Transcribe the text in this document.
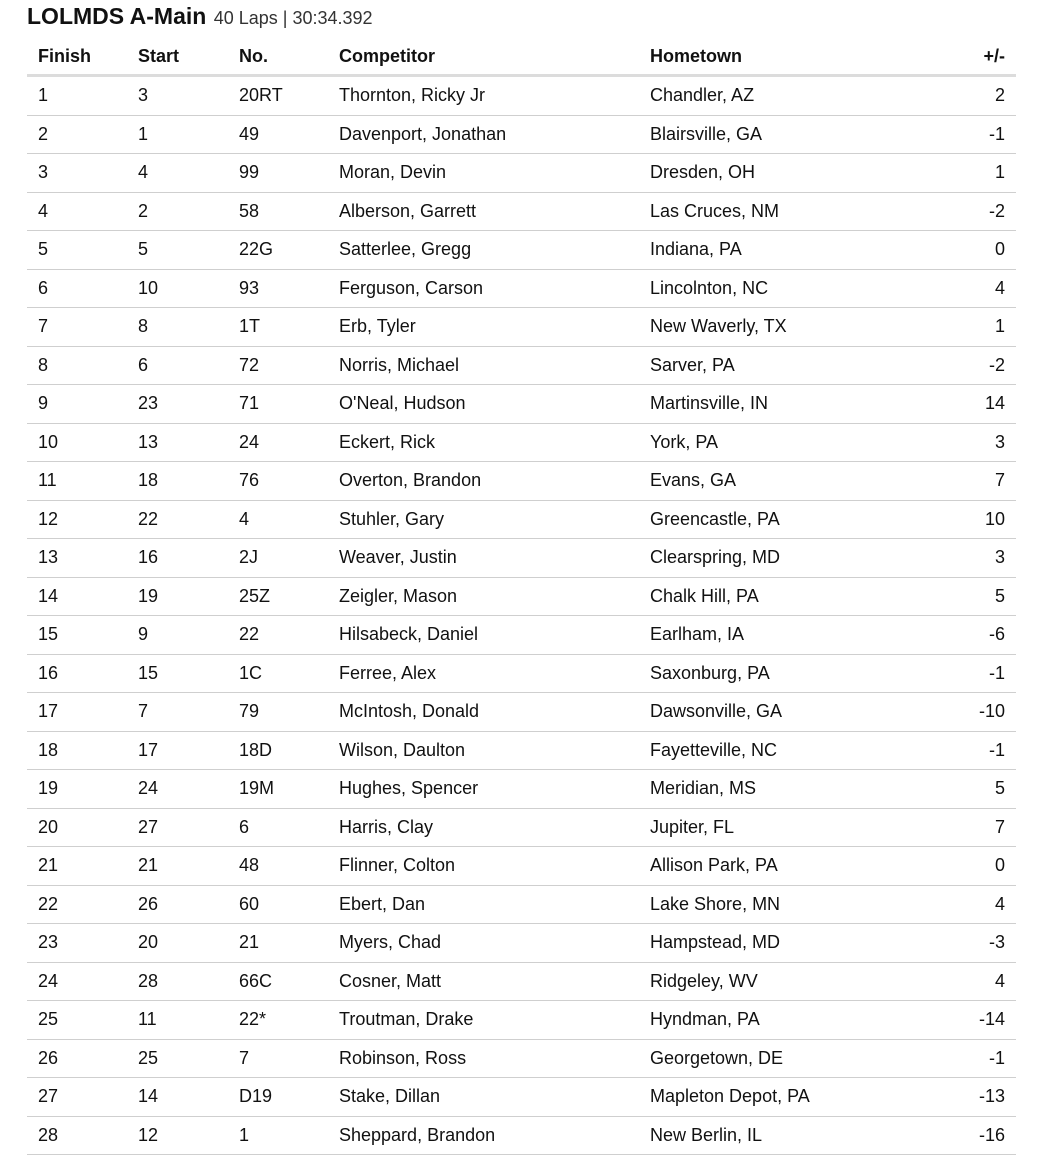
LOLMDS A-Main 40 Laps | 30:34.392
Finish	Start	No.	Competitor	Hometown	+/-
1	3	20RT	Thornton, Ricky Jr	Chandler, AZ	2
2	1	49	Davenport, Jonathan	Blairsville, GA	-1
3	4	99	Moran, Devin	Dresden, OH	1
4	2	58	Alberson, Garrett	Las Cruces, NM	-2
5	5	22G	Satterlee, Gregg	Indiana, PA	0
6	10	93	Ferguson, Carson	Lincolnton, NC	4
7	8	1T	Erb, Tyler	New Waverly, TX	1
8	6	72	Norris, Michael	Sarver, PA	-2
9	23	71	O'Neal, Hudson	Martinsville, IN	14
10	13	24	Eckert, Rick	York, PA	3
11	18	76	Overton, Brandon	Evans, GA	7
12	22	4	Stuhler, Gary	Greencastle, PA	10
13	16	2J	Weaver, Justin	Clearspring, MD	3
14	19	25Z	Zeigler, Mason	Chalk Hill, PA	5
15	9	22	Hilsabeck, Daniel	Earlham, IA	-6
16	15	1C	Ferree, Alex	Saxonburg, PA	-1
17	7	79	McIntosh, Donald	Dawsonville, GA	-10
18	17	18D	Wilson, Daulton	Fayetteville, NC	-1
19	24	19M	Hughes, Spencer	Meridian, MS	5
20	27	6	Harris, Clay	Jupiter, FL	7
21	21	48	Flinner, Colton	Allison Park, PA	0
22	26	60	Ebert, Dan	Lake Shore, MN	4
23	20	21	Myers, Chad	Hampstead, MD	-3
24	28	66C	Cosner, Matt	Ridgeley, WV	4
25	11	22*	Troutman, Drake	Hyndman, PA	-14
26	25	7	Robinson, Ross	Georgetown, DE	-1
27	14	D19	Stake, Dillan	Mapleton Depot, PA	-13
28	12	1	Sheppard, Brandon	New Berlin, IL	-16
